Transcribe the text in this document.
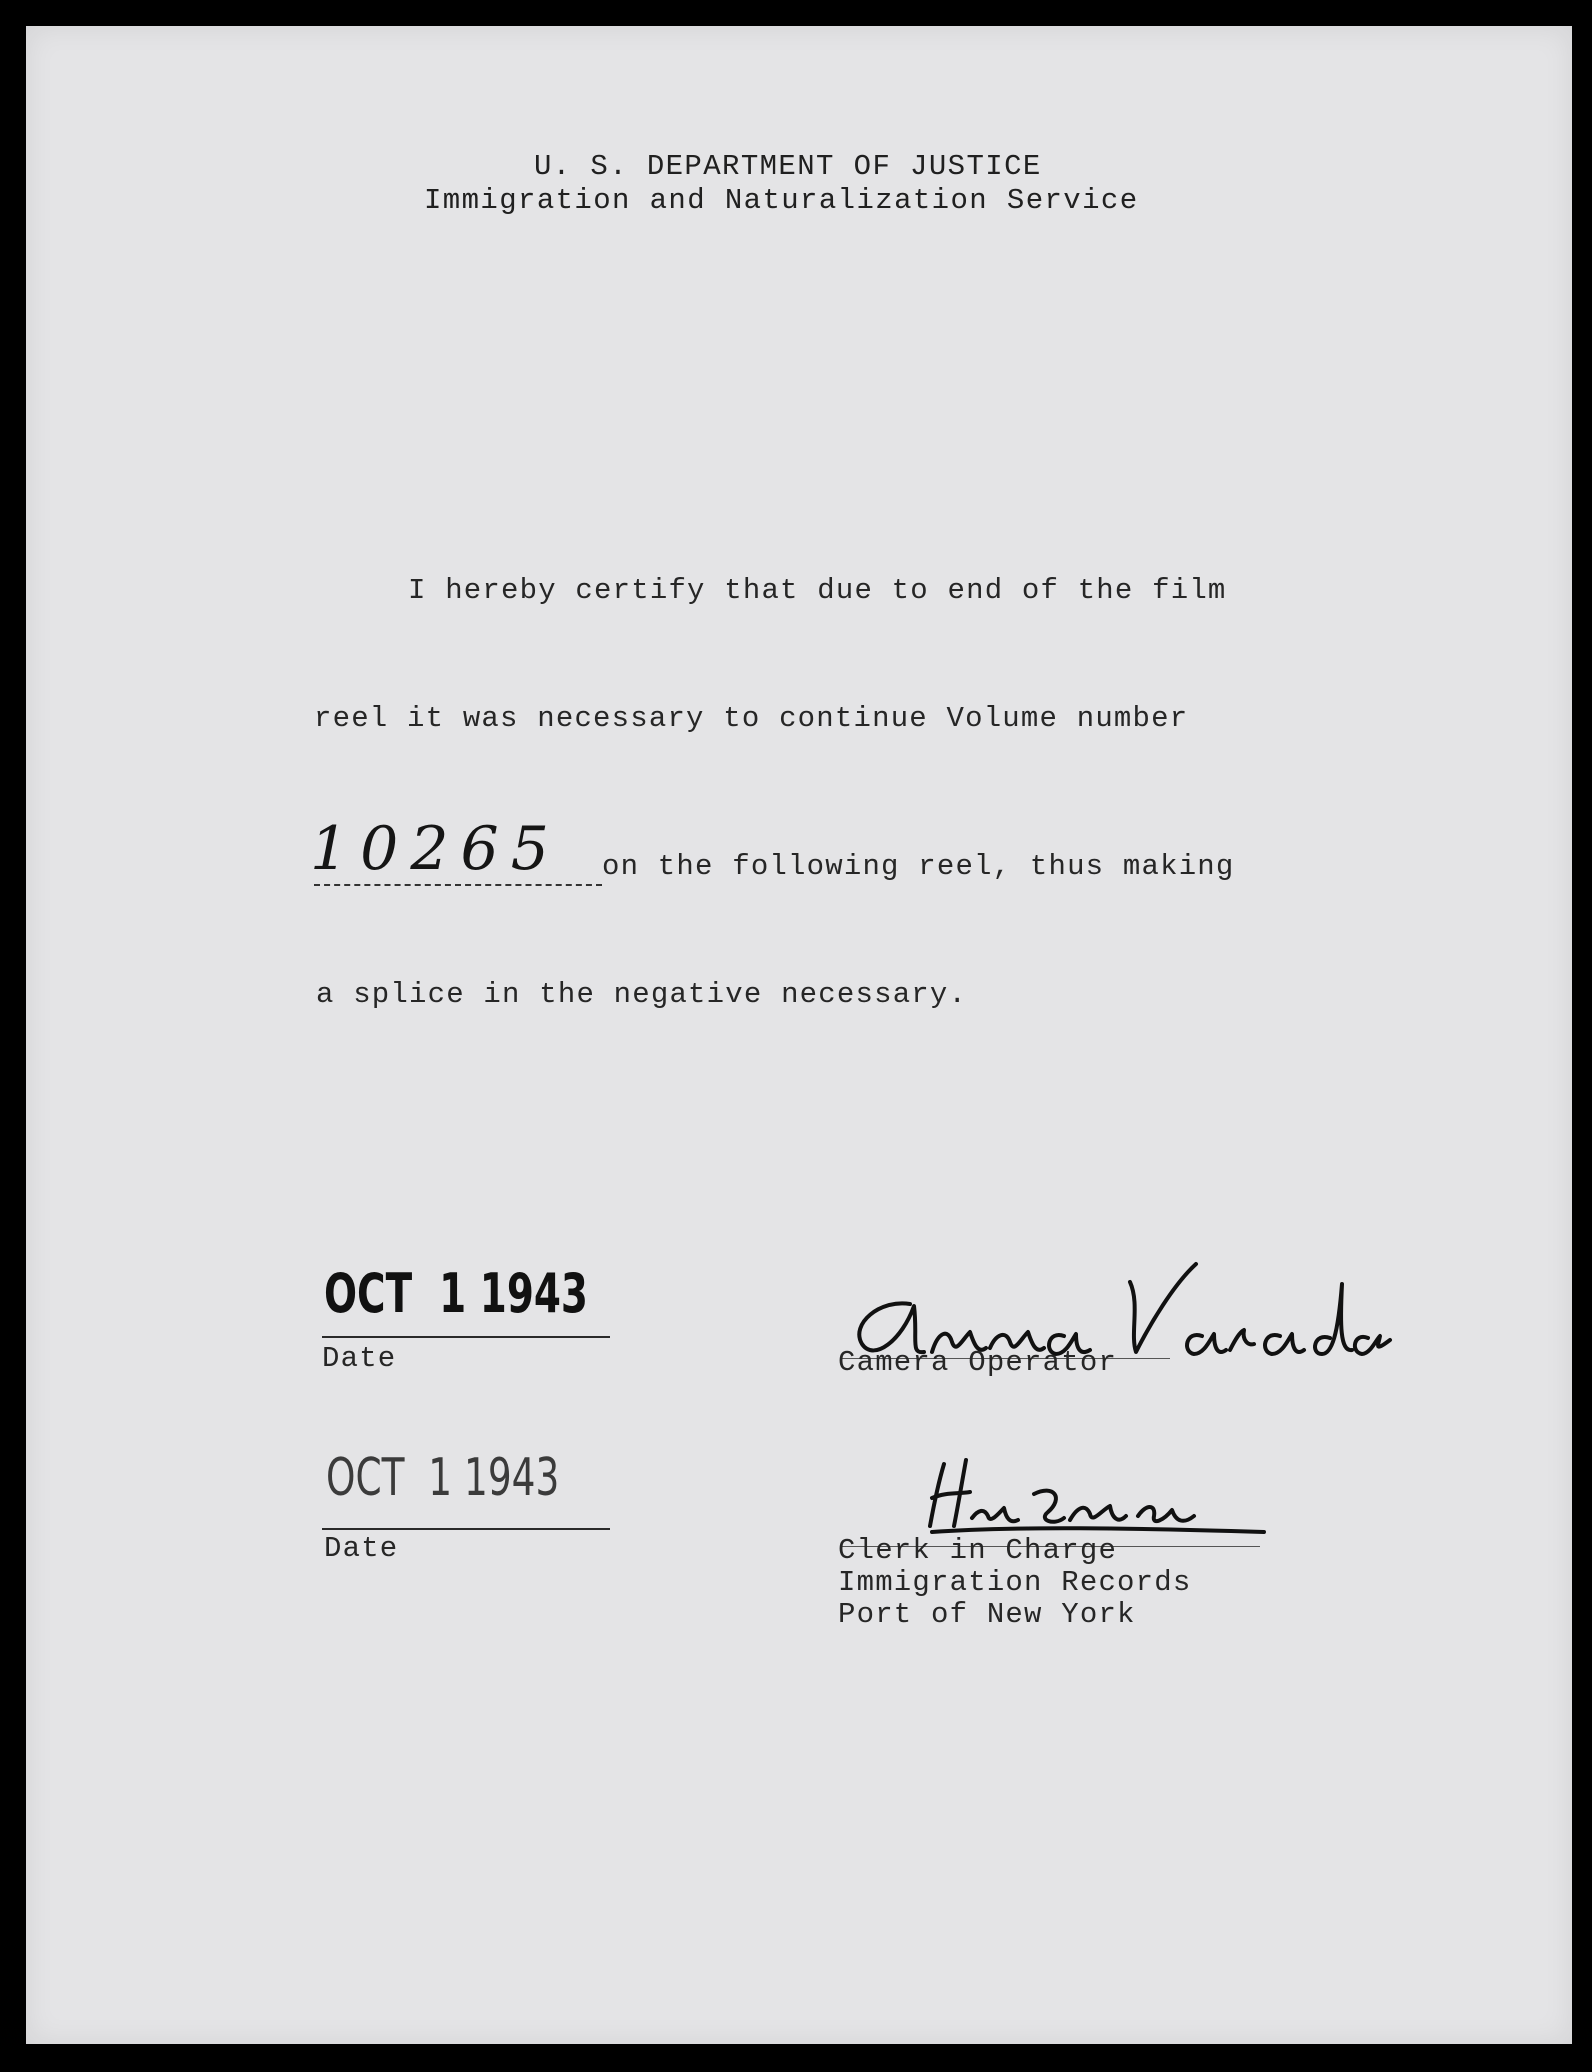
U. S. DEPARTMENT OF JUSTICE
Immigration and Naturalization Service
I hereby certify that due to end of the film
reel it was necessary to continue Volume number
10265 on the following reel, thus making
a splice in the negative necessary.
OCT  1 1943
Date	Camera Operator
OCT  1 1943
Date	Clerk in Charge
Immigration Records
Port of New York
